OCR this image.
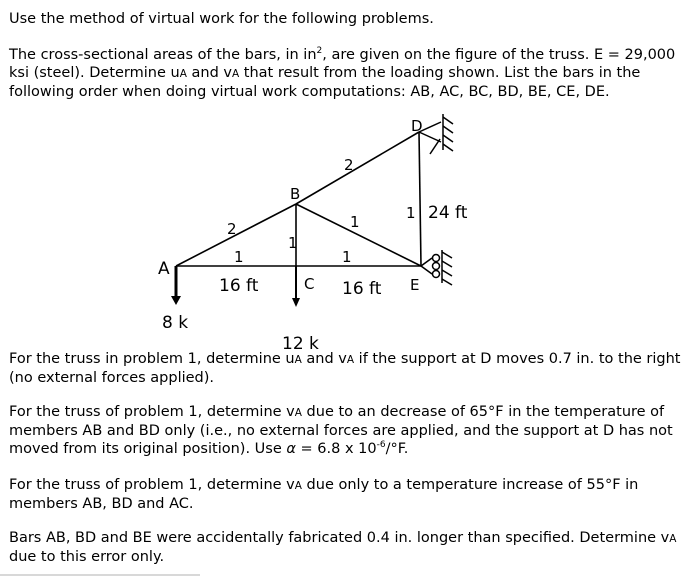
Use the method of virtual work for the following problems.

The cross-sectional areas of the bars, in $in^2$, are given on the figure of the truss. E = 29,000 ksi (steel). Determine uA and vA that result from the loading shown. List the bars in the following order when doing virtual work computations: AB, AC, BC, BD, BE, CE, DE.

A
B
C
D
E
2
2
1	1
1
1
1
16 ft	16 ft
24 ft
8 k
12 k

For the truss in problem 1, determine uA and vA if the support at D moves 0.7 in. to the right (no external forces applied).

For the truss of problem 1, determine vA due to an decrease of 65°F in the temperature of members AB and BD only (i.e., no external forces are applied, and the support at D has not moved from its original position). Use α = 6.8 x $10^{-6}/^\circ F$.

For the truss of problem 1, determine vA due only to a temperature increase of 55°F in members AB, BD and AC.

Bars AB, BD and BE were accidentally fabricated 0.4 in. longer than specified. Determine vA due to this error only.
